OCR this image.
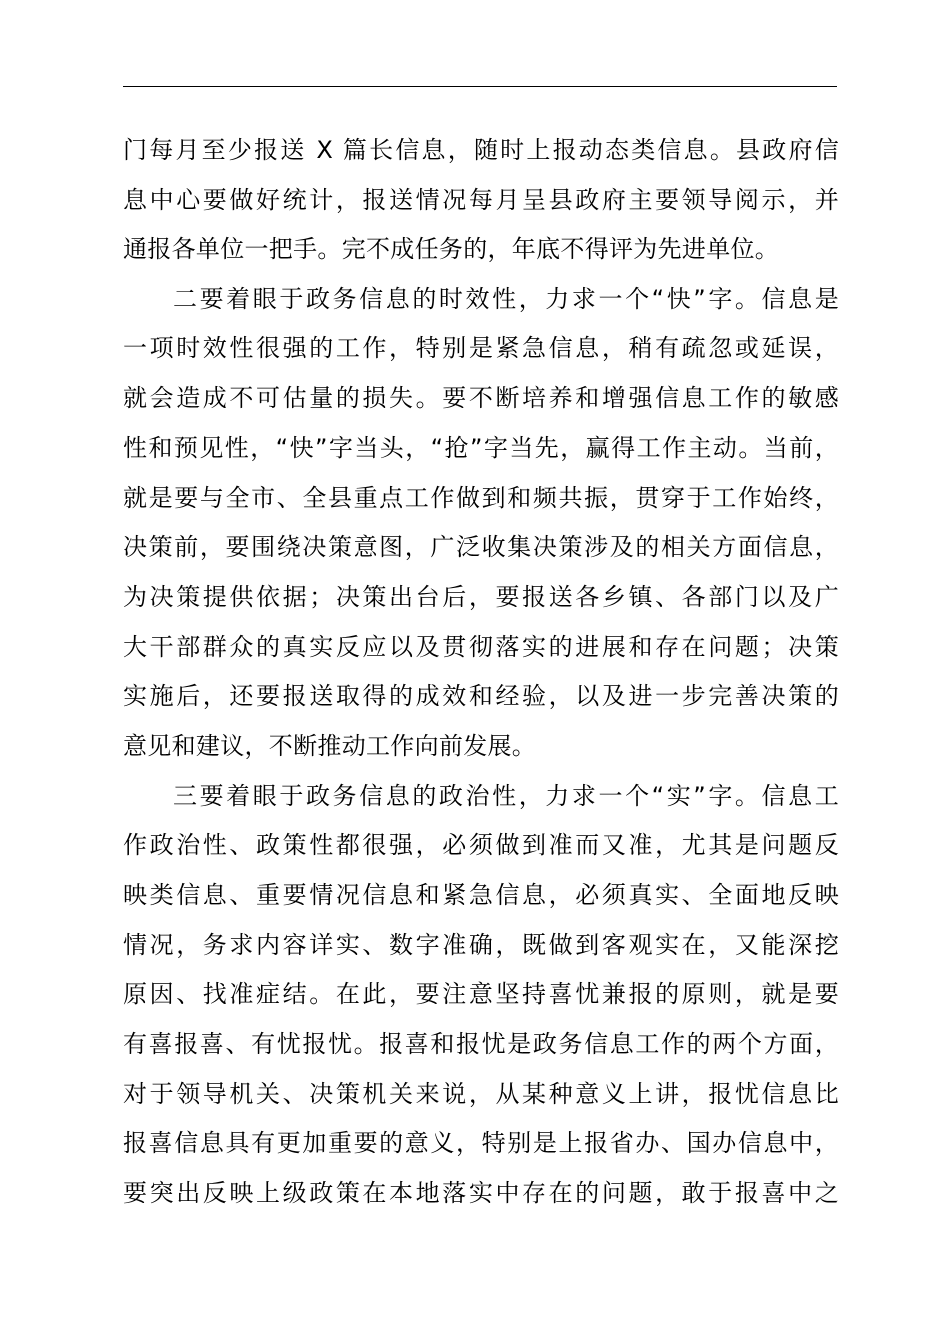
门每月至少报送 X 篇长信息，随时上报动态类信息。县政府信
息中心要做好统计，报送情况每月呈县政府主要领导阅示，并
通报各单位一把手。完不成任务的，年底不得评为先进单位。
二要着眼于政务信息的时效性，力求一个“快”字。信息是
一项时效性很强的工作，特别是紧急信息，稍有疏忽或延误，
就会造成不可估量的损失。要不断培养和增强信息工作的敏感
性和预见性，“快”字当头，“抢”字当先，赢得工作主动。当前，
就是要与全市、全县重点工作做到和频共振，贯穿于工作始终，
决策前，要围绕决策意图，广泛收集决策涉及的相关方面信息，
为决策提供依据；决策出台后，要报送各乡镇、各部门以及广
大干部群众的真实反应以及贯彻落实的进展和存在问题；决策
实施后，还要报送取得的成效和经验，以及进一步完善决策的
意见和建议，不断推动工作向前发展。
三要着眼于政务信息的政治性，力求一个“实”字。信息工
作政治性、政策性都很强，必须做到准而又准，尤其是问题反
映类信息、重要情况信息和紧急信息，必须真实、全面地反映
情况，务求内容详实、数字准确，既做到客观实在，又能深挖
原因、找准症结。在此，要注意坚持喜忧兼报的原则，就是要
有喜报喜、有忧报忧。报喜和报忧是政务信息工作的两个方面，
对于领导机关、决策机关来说，从某种意义上讲，报忧信息比
报喜信息具有更加重要的意义，特别是上报省办、国办信息中，
要突出反映上级政策在本地落实中存在的问题，敢于报喜中之
